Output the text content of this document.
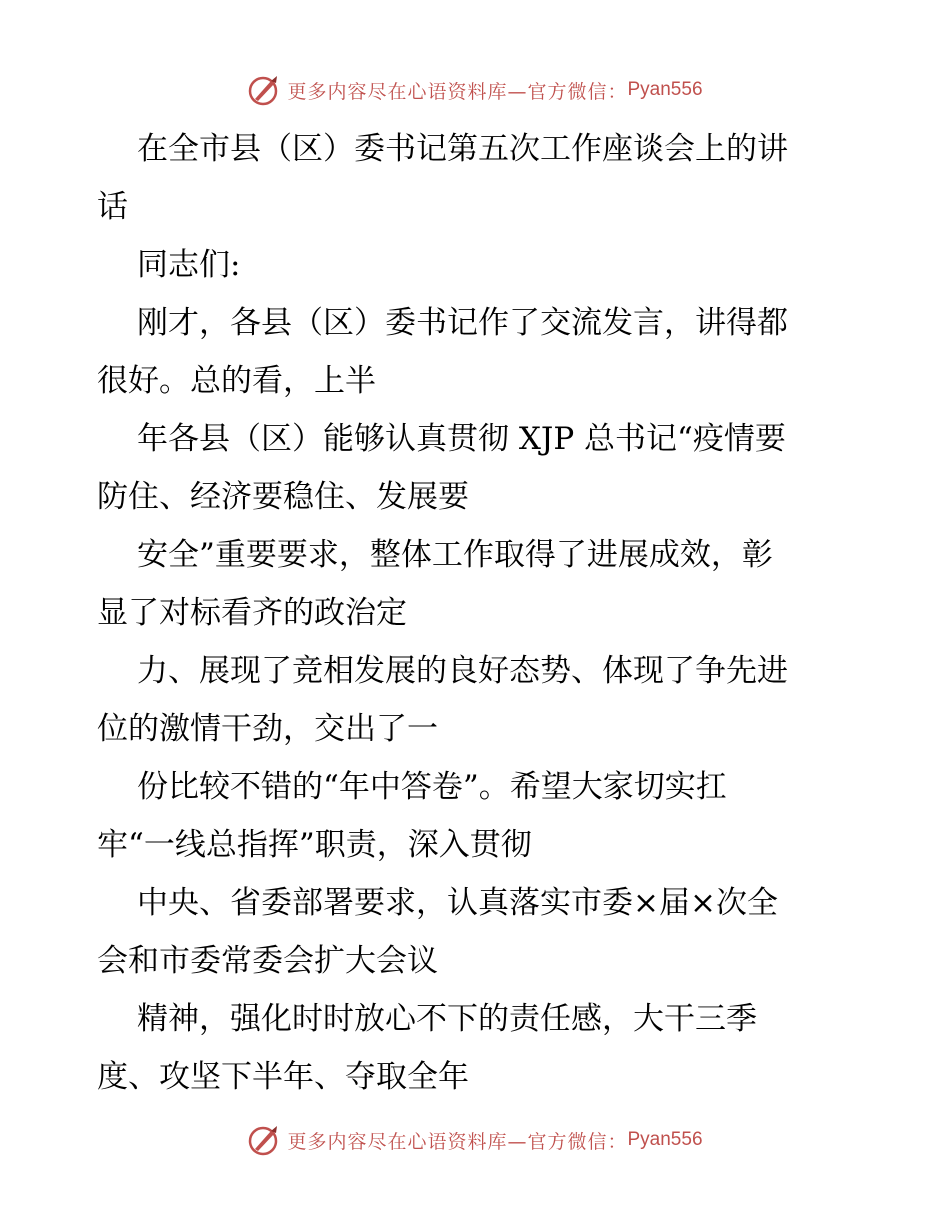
更多内容尽在心语资料库—官方微信： Pyan556

在全市县（区）委书记第五次工作座谈会上的讲

话

同志们:

刚才，各县（区）委书记作了交流发言，讲得都

很好。总的看，上半

年各县（区）能够认真贯彻 XJP 总书记“疫情要

防住、经济要稳住、发展要

安全”重要要求，整体工作取得了进展成效，彰

显了对标看齐的政治定

力、展现了竞相发展的良好态势、体现了争先进

位的激情干劲，交出了一

份比较不错的“年中答卷”。希望大家切实扛

牢“一线总指挥”职责，深入贯彻

中央、省委部署要求，认真落实市委×届×次全

会和市委常委会扩大会议

精神，强化时时放心不下的责任感，大干三季

度、攻坚下半年、夺取全年

更多内容尽在心语资料库—官方微信： Pyan556
